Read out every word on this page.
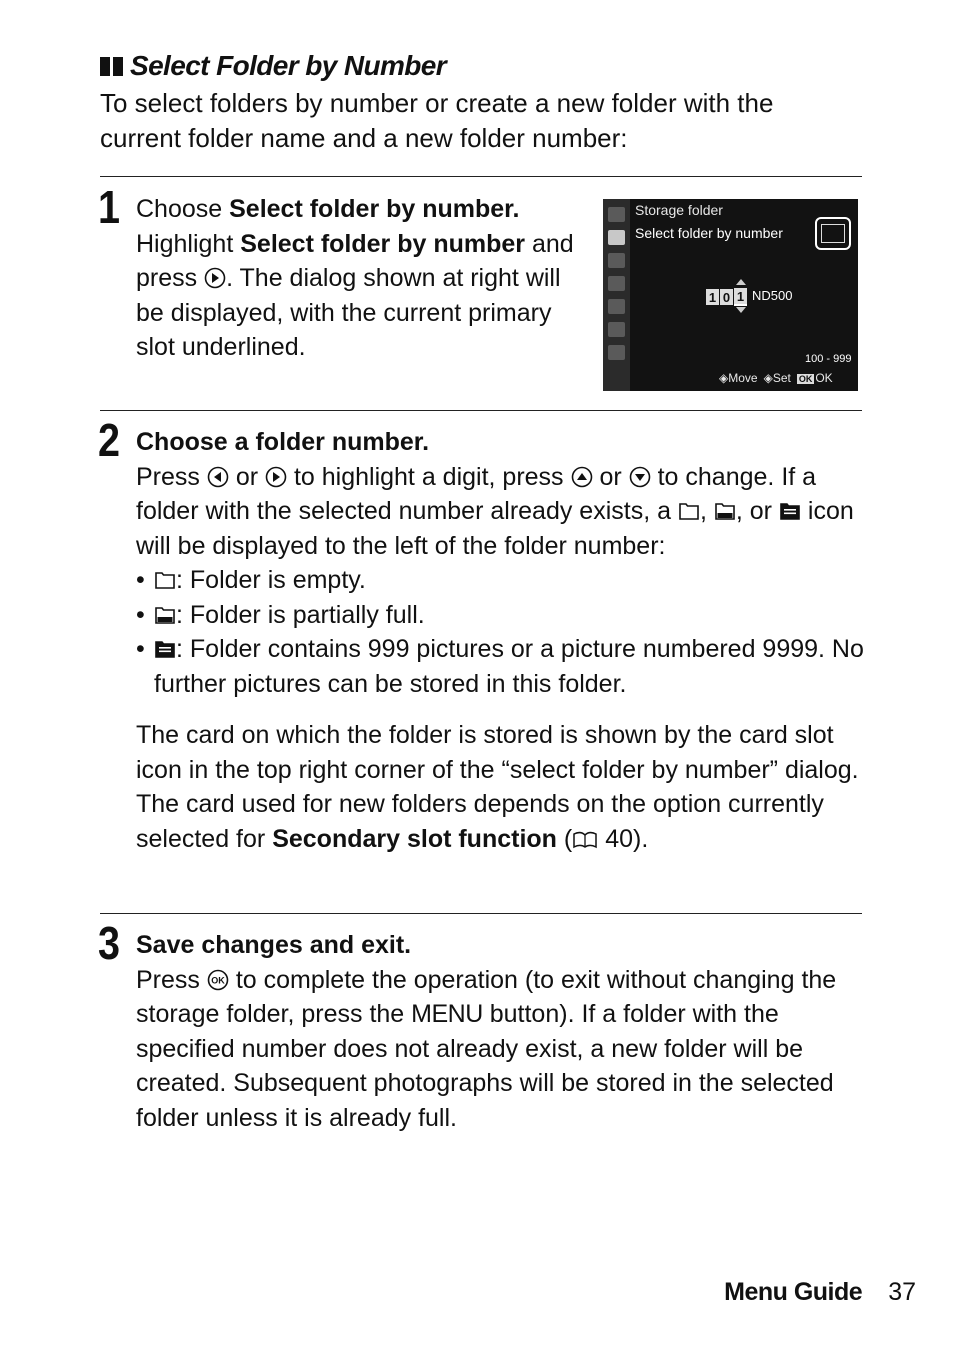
Select Folder by Number
To select folders by number or create a new folder with the current folder name and a new folder number:
1 Choose Select folder by number.

Highlight Select folder by number and press . The dialog shown at right will be displayed, with the current primary slot underlined.

Storage folder
Select folder by number
1 0 1 ND500
100 - 999
◈Move ◈Set OK OK
2 Choose a folder number.

Press or to highlight a digit, press or to change. If a folder with the selected number already exists, a , , or icon will be displayed to the left of the folder number:

• : Folder is empty.
• : Folder is partially full.
• : Folder contains 999 pictures or a picture numbered 9999. No further pictures can be stored in this folder.

The card on which the folder is stored is shown by the card slot icon in the top right corner of the “select folder by number” dialog. The card used for new folders depends on the option currently selected for Secondary slot function ( 40).

3 Save changes and exit.

Press OK to complete the operation (to exit without changing the storage folder, press the MENU button). If a folder with the specified number does not already exist, a new folder will be created. Subsequent photographs will be stored in the selected folder unless it is already full.

Menu Guide 37
